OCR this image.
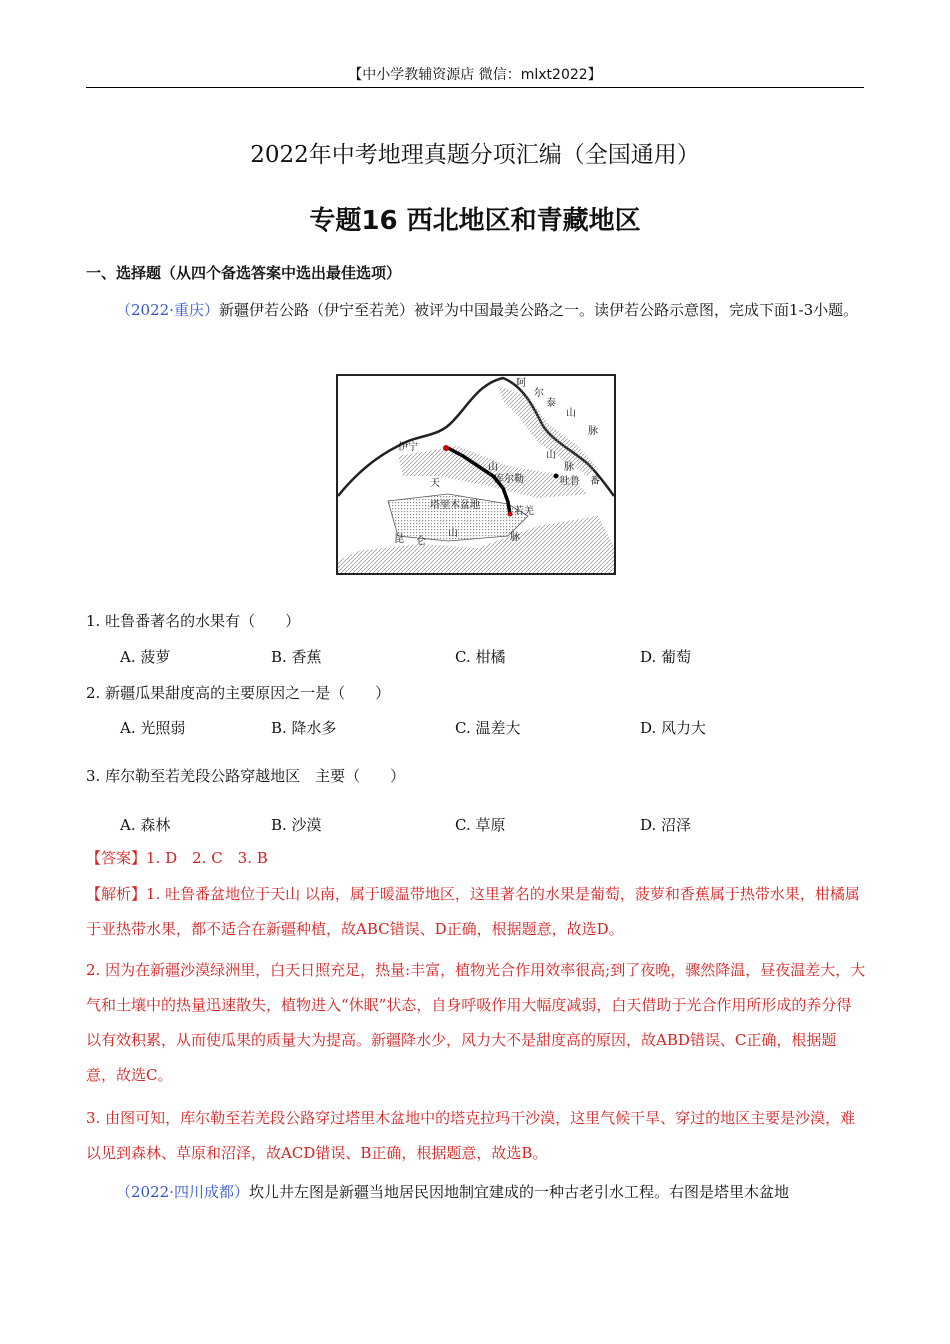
【中小学教辅资源店 微信：mlxt2022】
2022年中考地理真题分项汇编（全国通用）
专题16 西北地区和青藏地区
一、选择题（从四个备选答案中选出最佳选项）
（2022·重庆）新疆伊若公路（伊宁至若羌）被评为中国最美公路之一。读伊若公路示意图，完成下面1-3小题。
阿
尔
泰
山
脉
伊宁
天
山
山
脉
库尔勒	吐鲁 番
塔里木盆地
若羌
昆 仑
山	脉
1. 吐鲁番著名的水果有（　　）
A. 菠萝	B. 香蕉	C. 柑橘	D. 葡萄
2. 新疆瓜果甜度高的主要原因之一是（　　）
A. 光照弱	B. 降水多	C. 温差大	D. 风力大
3. 库尔勒至若羌段公路穿越地区　主要（　　）
A. 森林	B. 沙漠	C. 草原	D. 沼泽
【答案】1. D　2. C　3. B
【解析】1. 吐鲁番盆地位于天山 以南，属于暖温带地区，这里著名的水果是葡萄，菠萝和香蕉属于热带水果，柑橘属于亚热带水果，都不适合在新疆种植，故ABC错误、D正确，根据题意，故选D。
2. 因为在新疆沙漠绿洲里，白天日照充足，热量:丰富，植物光合作用效率很高;到了夜晚，骤然降温，昼夜温差大，大气和土壤中的热量迅速散失，植物进入“休眠”状态，自身呼吸作用大幅度减弱，白天借助于光合作用所形成的养分得以有效积累，从而使瓜果的质量大为提高。新疆降水少，风力大不是甜度高的原因，故ABD错误、C正确，根据题意，故选C。
3. 由图可知，库尔勒至若羌段公路穿过塔里木盆地中的塔克拉玛干沙漠，这里气候干旱、穿过的地区主要是沙漠，难以见到森林、草原和沼泽，故ACD错误、B正确，根据题意，故选B。
（2022·四川成都）坎儿井左图是新疆当地居民因地制宜建成的一种古老引水工程。右图是塔里木盆地
